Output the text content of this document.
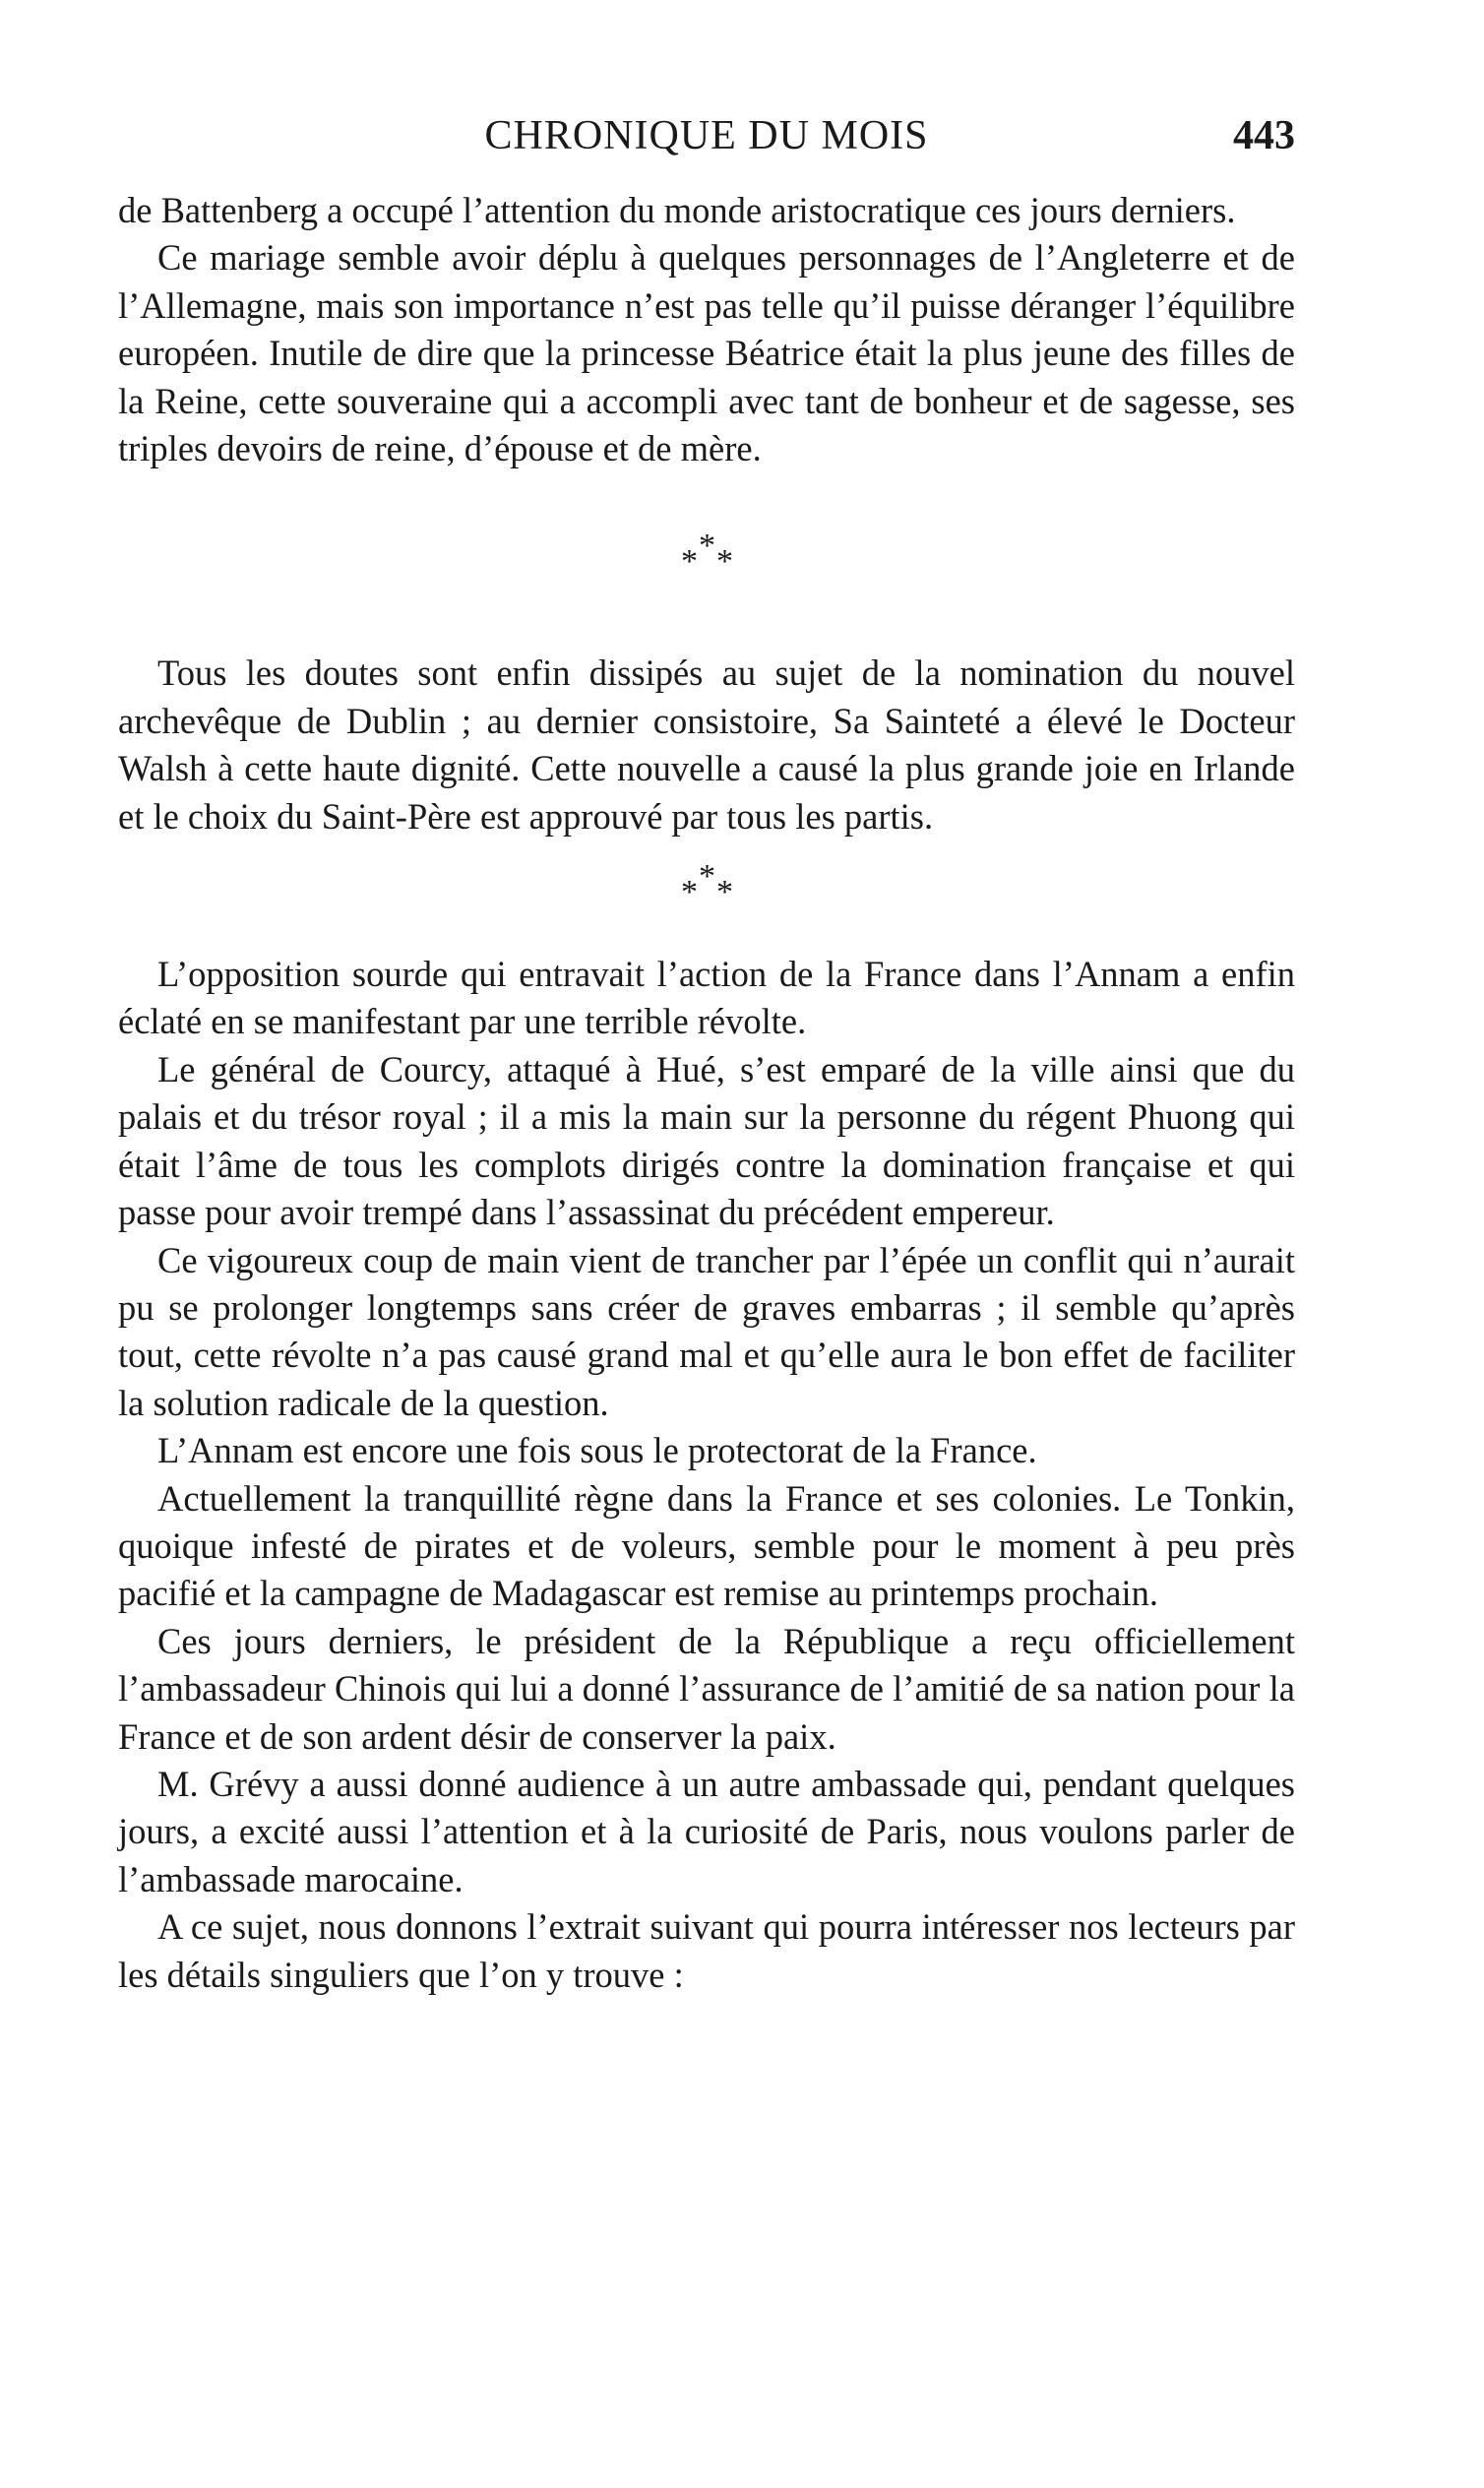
CHRONIQUE DU MOIS	443

de Battenberg a occupé l’attention du monde aristocratique ces jours derniers.

Ce mariage semble avoir déplu à quelques personnages de l’Angleterre et de l’Allemagne, mais son importance n’est pas telle qu’il puisse déranger l’équilibre européen. Inutile de dire que la princesse Béatrice était la plus jeune des filles de la Reine, cette souveraine qui a accompli avec tant de bonheur et de sagesse, ses triples devoirs de reine, d’épouse et de mère.

*
* *

Tous les doutes sont enfin dissipés au sujet de la nomination du nouvel archevêque de Dublin ; au dernier consistoire, Sa Sainteté a élevé le Docteur Walsh à cette haute dignité. Cette nouvelle a causé la plus grande joie en Irlande et le choix du Saint-Père est approuvé par tous les partis.

*
* *

L’opposition sourde qui entravait l’action de la France dans l’Annam a enfin éclaté en se manifestant par une terrible révolte.

Le général de Courcy, attaqué à Hué, s’est emparé de la ville ainsi que du palais et du trésor royal ; il a mis la main sur la personne du régent Phuong qui était l’âme de tous les complots dirigés contre la domination française et qui passe pour avoir trempé dans l’assassinat du précédent empereur.

Ce vigoureux coup de main vient de trancher par l’épée un conflit qui n’aurait pu se prolonger longtemps sans créer de graves embarras ; il semble qu’après tout, cette révolte n’a pas causé grand mal et qu’elle aura le bon effet de faciliter la solution radicale de la question.

L’Annam est encore une fois sous le protectorat de la France.

Actuellement la tranquillité règne dans la France et ses colonies. Le Tonkin, quoique infesté de pirates et de voleurs, semble pour le moment à peu près pacifié et la campagne de Madagascar est remise au printemps prochain.

Ces jours derniers, le président de la République a reçu officiellement l’ambassadeur Chinois qui lui a donné l’assurance de l’amitié de sa nation pour la France et de son ardent désir de conserver la paix.

M. Grévy a aussi donné audience à un autre ambassade qui, pendant quelques jours, a excité aussi l’attention et à la curiosité de Paris, nous voulons parler de l’ambassade marocaine.

A ce sujet, nous donnons l’extrait suivant qui pourra intéresser nos lecteurs par les détails singuliers que l’on y trouve :
